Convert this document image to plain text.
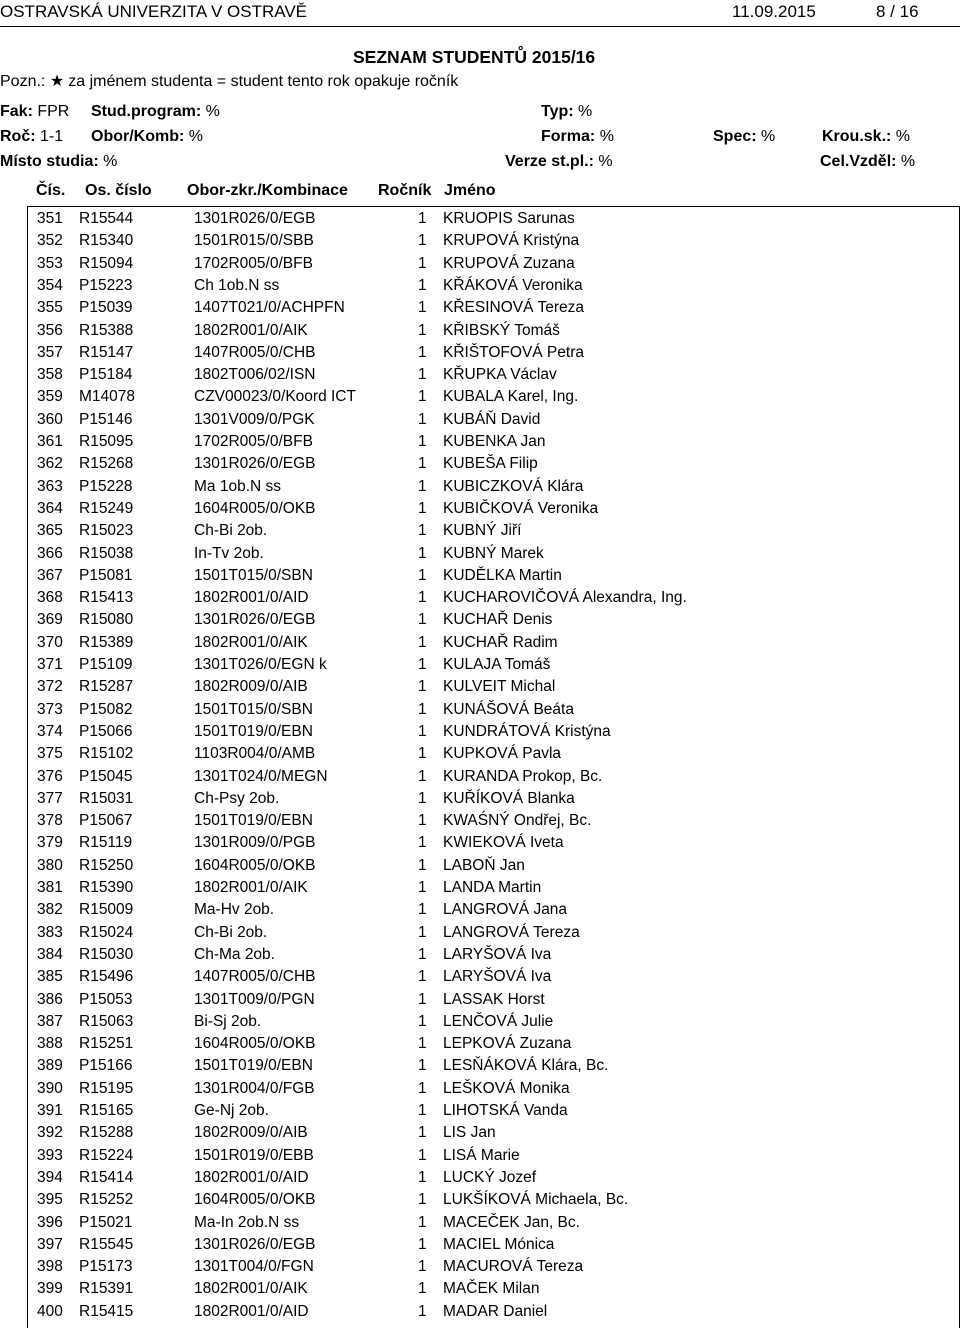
OSTRAVSKÁ UNIVERZITA V OSTRAVĚ	11.09.2015	8 / 16
SEZNAM STUDENTŮ 2015/16
Pozn.: ★ za jménem studenta = student tento rok opakuje ročník
Fak: FPR Stud.program: %	Typ: %
Roč: 1-1 Obor/Komb: %	Forma: %	Spec: %	Krou.sk.: %
Místo studia: %	Verze st.pl.: %	Cel.Vzděl: %
Čís. Os. číslo Obor-zkr./Kombinace Ročník Jméno
351 R15544	1301R026/0/EGB	1 KRUOPIS Sarunas
352 R15340	1501R015/0/SBB	1 KRUPOVÁ Kristýna
353 R15094	1702R005/0/BFB	1 KRUPOVÁ Zuzana
354 P15223	Ch 1ob.N ss	1 KŘÁKOVÁ Veronika
355 P15039	1407T021/0/ACHPFN	1 KŘESINOVÁ Tereza
356 R15388	1802R001/0/AIK	1 KŘIBSKÝ Tomáš
357 R15147	1407R005/0/CHB	1 KŘIŠTOFOVÁ Petra
358 P15184	1802T006/02/ISN	1 KŘUPKA Václav
359 M14078	CZV00023/0/Koord ICT	1 KUBALA Karel, Ing.
360 P15146	1301V009/0/PGK	1 KUBÁŇ David
361 R15095	1702R005/0/BFB	1 KUBENKA Jan
362 R15268	1301R026/0/EGB	1 KUBEŠA Filip
363 P15228	Ma 1ob.N ss	1 KUBICZKOVÁ Klára
364 R15249	1604R005/0/OKB	1 KUBIČKOVÁ Veronika
365 R15023	Ch-Bi 2ob.	1 KUBNÝ Jiří
366 R15038	In-Tv 2ob.	1 KUBNÝ Marek
367 P15081	1501T015/0/SBN	1 KUDĚLKA Martin
368 R15413	1802R001/0/AID	1 KUCHAROVIČOVÁ Alexandra, Ing.
369 R15080	1301R026/0/EGB	1 KUCHAŘ Denis
370 R15389	1802R001/0/AIK	1 KUCHAŘ Radim
371 P15109	1301T026/0/EGN k	1 KULAJA Tomáš
372 R15287	1802R009/0/AIB	1 KULVEIT Michal
373 P15082	1501T015/0/SBN	1 KUNÁŠOVÁ Beáta
374 P15066	1501T019/0/EBN	1 KUNDRÁTOVÁ Kristýna
375 R15102	1103R004/0/AMB	1 KUPKOVÁ Pavla
376 P15045	1301T024/0/MEGN	1 KURANDA Prokop, Bc.
377 R15031	Ch-Psy 2ob.	1 KUŘÍKOVÁ Blanka
378 P15067	1501T019/0/EBN	1 KWAŚNÝ Ondřej, Bc.
379 R15119	1301R009/0/PGB	1 KWIEKOVÁ Iveta
380 R15250	1604R005/0/OKB	1 LABOŇ Jan
381 R15390	1802R001/0/AIK	1 LANDA Martin
382 R15009	Ma-Hv 2ob.	1 LANGROVÁ Jana
383 R15024	Ch-Bi 2ob.	1 LANGROVÁ Tereza
384 R15030	Ch-Ma 2ob.	1 LARYŠOVÁ Iva
385 R15496	1407R005/0/CHB	1 LARYŠOVÁ Iva
386 P15053	1301T009/0/PGN	1 LASSAK Horst
387 R15063	Bi-Sj 2ob.	1 LENČOVÁ Julie
388 R15251	1604R005/0/OKB	1 LEPKOVÁ Zuzana
389 P15166	1501T019/0/EBN	1 LESŇÁKOVÁ Klára, Bc.
390 R15195	1301R004/0/FGB	1 LEŠKOVÁ Monika
391 R15165	Ge-Nj 2ob.	1 LIHOTSKÁ Vanda
392 R15288	1802R009/0/AIB	1 LIS Jan
393 R15224	1501R019/0/EBB	1 LISÁ Marie
394 R15414	1802R001/0/AID	1 LUCKÝ Jozef
395 R15252	1604R005/0/OKB	1 LUKŠÍKOVÁ Michaela, Bc.
396 P15021	Ma-In 2ob.N ss	1 MACEČEK Jan, Bc.
397 R15545	1301R026/0/EGB	1 MACIEL Mónica
398 P15173	1301T004/0/FGN	1 MACUROVÁ Tereza
399 R15391	1802R001/0/AIK	1 MAČEK Milan
400 R15415	1802R001/0/AID	1 MADAR Daniel
